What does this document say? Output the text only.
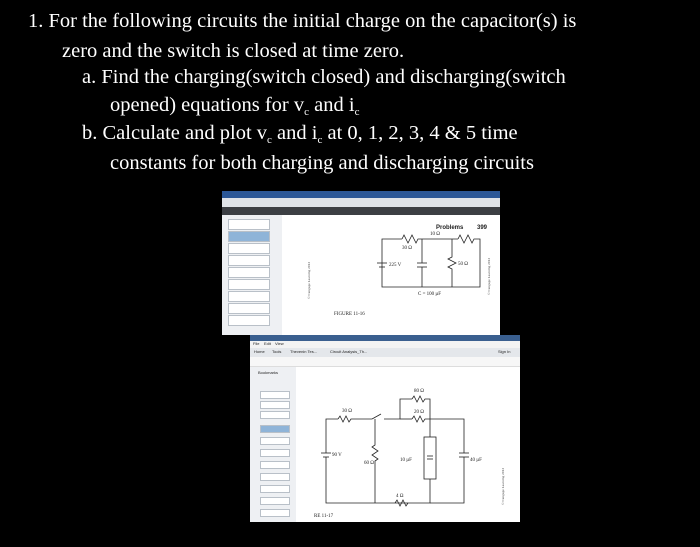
1. For the following circuits the initial charge on the capacitor(s) is
zero and the switch is closed at time zero.
a. Find the charging(switch closed) and discharging(switch
opened) equations for $v_c$ and $i_c$
b. Calculate and plot $v_c$ and $i_c$ at 0, 1, 2, 3, 4 & 5 time
constants for both charging and discharging circuits
Problems 399
10 Ω
30 Ω
225 V	50 Ω
C = 100 µF
FIGURE 11-16
© Cengage Learning 2013	© Cengage Learning 2013
File Edit View
Home Tools Thevenin Tes...	Circuit Analysis_Th...	Sign In
Bookmarks
90 V
30 Ω
60 Ω
80 Ω
20 Ω
10 µF	40 µF
4 Ω
RE 11-17
© Cengage Learning 2013
